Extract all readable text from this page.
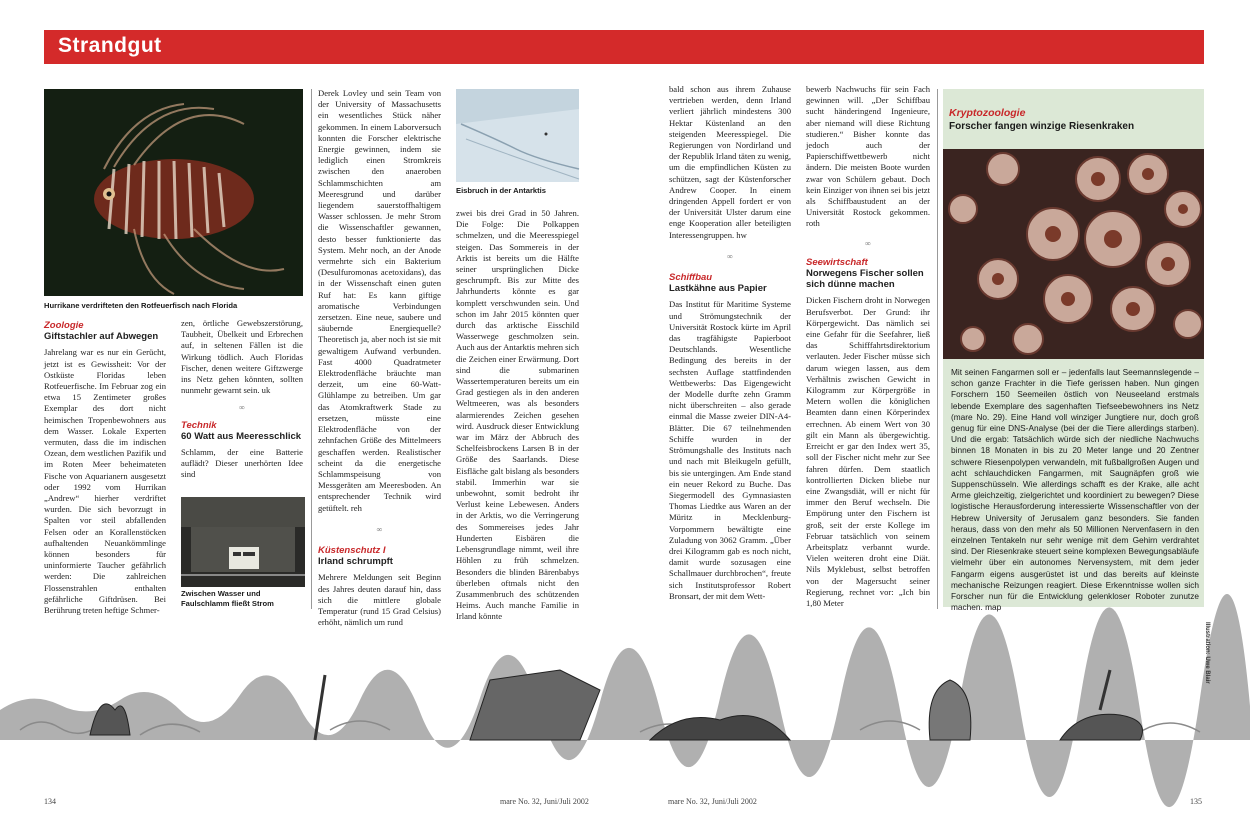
Strandgut
Hurrikane verdrifteten den Rotfeuerfisch nach Florida
Zoologie
Giftstachler auf Abwegen

Jahrelang war es nur ein Gerücht, jetzt ist es Gewissheit: Vor der Ostküste Floridas leben Rotfeuerfische. Im Februar zog ein etwa 15 Zentimeter großes Exemplar des dort nicht heimischen Tropenbewohners aus dem Wasser. Lokale Experten vermuten, dass die im indischen Ozean, dem westlichen Pazifik und im Roten Meer beheimateten Fische von Aquarianern ausgesetzt oder 1992 vom Hurrikan „Andrew“ hierher verdriftet wurden. Die sich bevorzugt in Spalten vor steil abfallenden Felsen oder an Korallenstöcken aufhaltenden Neuankömmlinge können besonders für uninformierte Taucher gefährlich werden: Die zahlreichen Flossenstrahlen enthalten gefährliche Giftdrüsen. Bei Berührung treten heftige Schmer-

zen, örtliche Gewebszerstörung, Taubheit, Übelkeit und Erbrechen auf, in seltenen Fällen ist die Wirkung tödlich. Auch Floridas Fischer, denen weitere Giftzwerge ins Netz gehen könnten, sollten nunmehr gewarnt sein. uk

∞
Technik
60 Watt aus Meeresschlick

Schlamm, der eine Batterie auflädt? Dieser unerhörten Idee sind

Zwischen Wasser und Faulschlamm fließt Strom

Derek Lovley und sein Team von der University of Massachusetts ein wesentliches Stück näher gekommen. In einem Laborversuch konnten die Forscher elektrische Energie gewinnen, indem sie lediglich einen Stromkreis zwischen den anaeroben Schlammschichten am Meeresgrund und darüber liegendem sauerstoffhaltigem Wasser schlossen. Je mehr Strom die Wissenschaftler gewannen, desto besser funktionierte das System. Mehr noch, an der Anode vermehrte sich ein Bakterium (Desulfuromonas acetoxidans), das in der Wissenschaft einen guten Ruf hat: Es kann giftige aromatische Verbindungen zersetzen. Eine neue, saubere und säubernde Energiequelle? Theoretisch ja, aber noch ist sie mit gewaltigem Aufwand verbunden. Fast 4000 Quadratmeter Elektrodenfläche bräuchte man derzeit, um eine 60-Watt-Glühlampe zu betreiben. Um gar das Atomkraftwerk Stade zu ersetzen, müsste eine Elektrodenfläche von der zehnfachen Größe des Mittelmeers geschaffen werden. Realistischer scheint da die energetische Schlammspeisung von Messgeräten am Meeresboden. An entsprechender Technik wird getüftelt. reh

∞
Küstenschutz I
Irland schrumpft

Mehrere Meldungen seit Beginn des Jahres deuten darauf hin, dass sich die mittlere globale Temperatur (rund 15 Grad Celsius) erhöht, nämlich um rund

Eisbruch in der Antarktis

zwei bis drei Grad in 50 Jahren. Die Folge: Die Polkappen schmelzen, und die Meeresspiegel steigen. Das Sommereis in der Arktis ist bereits um die Hälfte seiner ursprünglichen Dicke geschrumpft. Bis zur Mitte des Jahrhunderts könnte es gar komplett verschwunden sein. Und schon im Jahr 2015 könnten quer durch das arktische Eisschild Wasserwege geschmolzen sein. Auch aus der Antarktis mehren sich die Zeichen einer Erwärmung. Dort sind die submarinen Wassertemperaturen bereits um ein Grad gestiegen als in den anderen Weltmeeren, was als besonders alarmierendes Zeichen gesehen wird. Ausdruck dieser Entwicklung war im März der Abbruch des Schelfeisbrockens Larsen B in der Größe des Saarlands. Diese Eisfläche galt bislang als besonders stabil. Immerhin war sie unbewohnt, somit bedroht ihr Verlust keine Lebewesen. Anders in der Arktis, wo die Verringerung des Sommereises jedes Jahr Hunderten Eisbären die Lebensgrundlage nimmt, weil ihre Höhlen zu früh schmelzen. Besonders die blinden Bärenbabys überleben oftmals nicht den Zusammenbruch des schützenden Heims. Auch manche Familie in Irland könnte

bald schon aus ihrem Zuhause vertrieben werden, denn Irland verliert jährlich mindestens 300 Hektar Küstenland an den steigenden Meeresspiegel. Die Regierungen von Nordirland und der Republik Irland täten zu wenig, um die empfindlichen Küsten zu schützen, sagt der Küstenforscher Andrew Cooper. In einem dringenden Appell fordert er von der Universität Ulster darum eine enge Kooperation aller beteiligten Interessengruppen. hw

∞
Schiffbau
Lastkähne aus Papier

Das Institut für Maritime Systeme und Strömungstechnik der Universität Rostock kürte im April das tragfähigste Papierboot Deutschlands. Wesentliche Bedingung des bereits in der sechsten Auflage stattfindenden Wettbewerbs: Das Eigengewicht der Modelle durfte zehn Gramm nicht überschreiten – also gerade einmal die Masse zweier DIN-A4-Blätter. Die 67 teilnehmenden Schiffe wurden in der Strömungshalle des Instituts nach und nach mit Bleikugeln gefüllt, bis sie untergingen. Am Ende stand ein neuer Rekord zu Buche. Das Siegermodell des Gymnasiasten Thomas Liedtke aus Waren an der Müritz in Mecklenburg-Vorpommern bewältigte eine Zuladung von 3062 Gramm. „Über drei Kilogramm gab es noch nicht, damit wurde sozusagen eine Schallmauer durchbrochen“, freute sich Institutsprofessor Robert Bronsart, der mit dem Wett-

bewerb Nachwuchs für sein Fach gewinnen will. „Der Schiffbau sucht händeringend Ingenieure, aber niemand will diese Richtung studieren.“ Bisher konnte das jedoch auch der Papierschiffwettbewerb nicht ändern. Die meisten Boote wurden zwar von Schülern gebaut. Doch kein Einziger von ihnen sei bis jetzt als Schiffbaustudent an der Universität Rostock gekommen. roth

∞
Seewirtschaft
Norwegens Fischer sollen sich dünne machen

Dicken Fischern droht in Norwegen Berufsverbot. Der Grund: ihr Körpergewicht. Das nämlich sei eine Gefahr für die Seefahrer, ließ das Schifffahrtsdirektorium verlauten. Jeder Fischer müsse sich darum wiegen lassen, aus dem Verhältnis zwischen Gewicht in Kilogramm zur Körpergröße in Metern wollen die königlichen Beamten dann einen Körperindex errechnen. Ab einem Wert von 30 gilt ein Mann als übergewichtig. Erreicht er gar den Index wert 35, soll der Fischer nicht mehr zur See fahren dürfen. Dem staatlich kontrollierten Dicken bliebe nur eine Zwangsdiät, will er nicht für immer den Beruf wechseln. Die Empörung unter den Fischern ist groß, seit der erste Kollege im Februar tatsächlich von seinem Arbeitsplatz verbannt wurde. Vielen weiteren droht eine Diät. Nils Myklebust, selbst betroffen von der Magersucht seiner Regierung, rechnet vor: „Ich bin 1,80 Meter

Kryptozoologie
Forscher fangen winzige Riesenkraken
Mit seinen Fangarmen soll er – jedenfalls laut Seemannslegende – schon ganze Frachter in die Tiefe gerissen haben. Nun gingen Forschern 150 Seemeilen östlich von Neuseeland erstmals lebende Exemplare des sagenhaften Tiefseebewohners ins Netz (mare No. 29). Eine Hand voll winziger Jungtiere nur, doch groß genug für eine DNS-Analyse (bei der die Tiere allerdings starben). Und die ergab: Tatsächlich würde sich der niedliche Nachwuchs binnen 18 Monaten in bis zu 20 Meter lange und 20 Zentner schwere Riesenpolypen verwandeln, mit fußballgroßen Augen und acht schlauchdicken Fangarmen, mit Saugnäpfen groß wie Suppenschüsseln. Wie allerdings schafft es der Krake, alle acht Arme gleichzeitig, zielgerichtet und koordiniert zu bewegen? Diese logistische Herausforderung interessierte Wissenschaftler von der Hebrew University of Jerusalem ganz besonders. Sie fanden heraus, dass von den mehr als 50 Millionen Nervenfasern in den einzelnen Tentakeln nur sehr wenige mit dem Gehirn verdrahtet sind. Der Riesenkrake steuert seine komplexen Bewegungsabläufe vielmehr über ein autonomes Nervensystem, mit dem jeder Fangarm eigens ausgerüstet ist und das bereits auf kleinste mechanische Reizungen reagiert. Diese Erkenntnisse wollen sich Forscher nun für die Entwicklung gelenkloser Roboter zunutze machen. map
Illustration: Uwe Blair
134	mare No. 32, Juni/Juli 2002	mare No. 32, Juni/Juli 2002	135
